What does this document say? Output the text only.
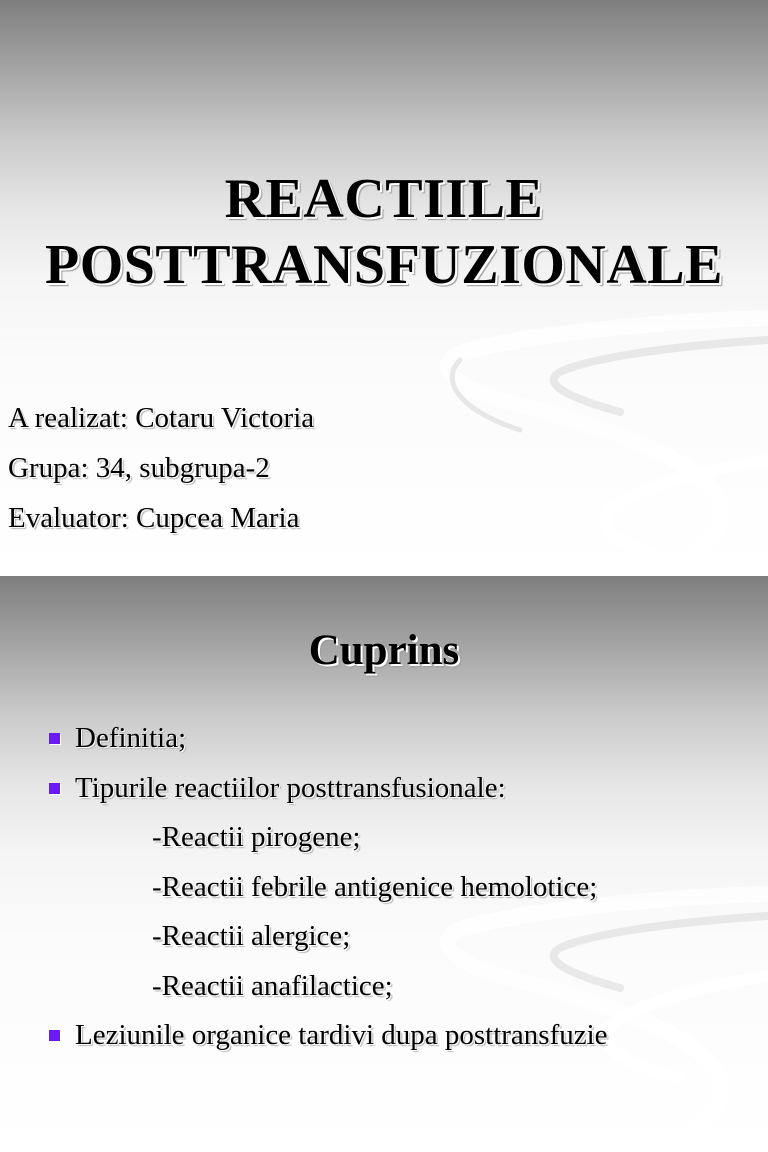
REACTIILE
POSTTRANSFUZIONALE
A realizat: Cotaru Victoria
Grupa: 34, subgrupa-2
Evaluator: Cupcea Maria
Cuprins
Definitia;
Tipurile reactiilor posttransfusionale:
-Reactii pirogene;
-Reactii febrile antigenice hemolotice;
-Reactii alergice;
-Reactii anafilactice;
Leziunile organice tardivi dupa posttransfuzie
